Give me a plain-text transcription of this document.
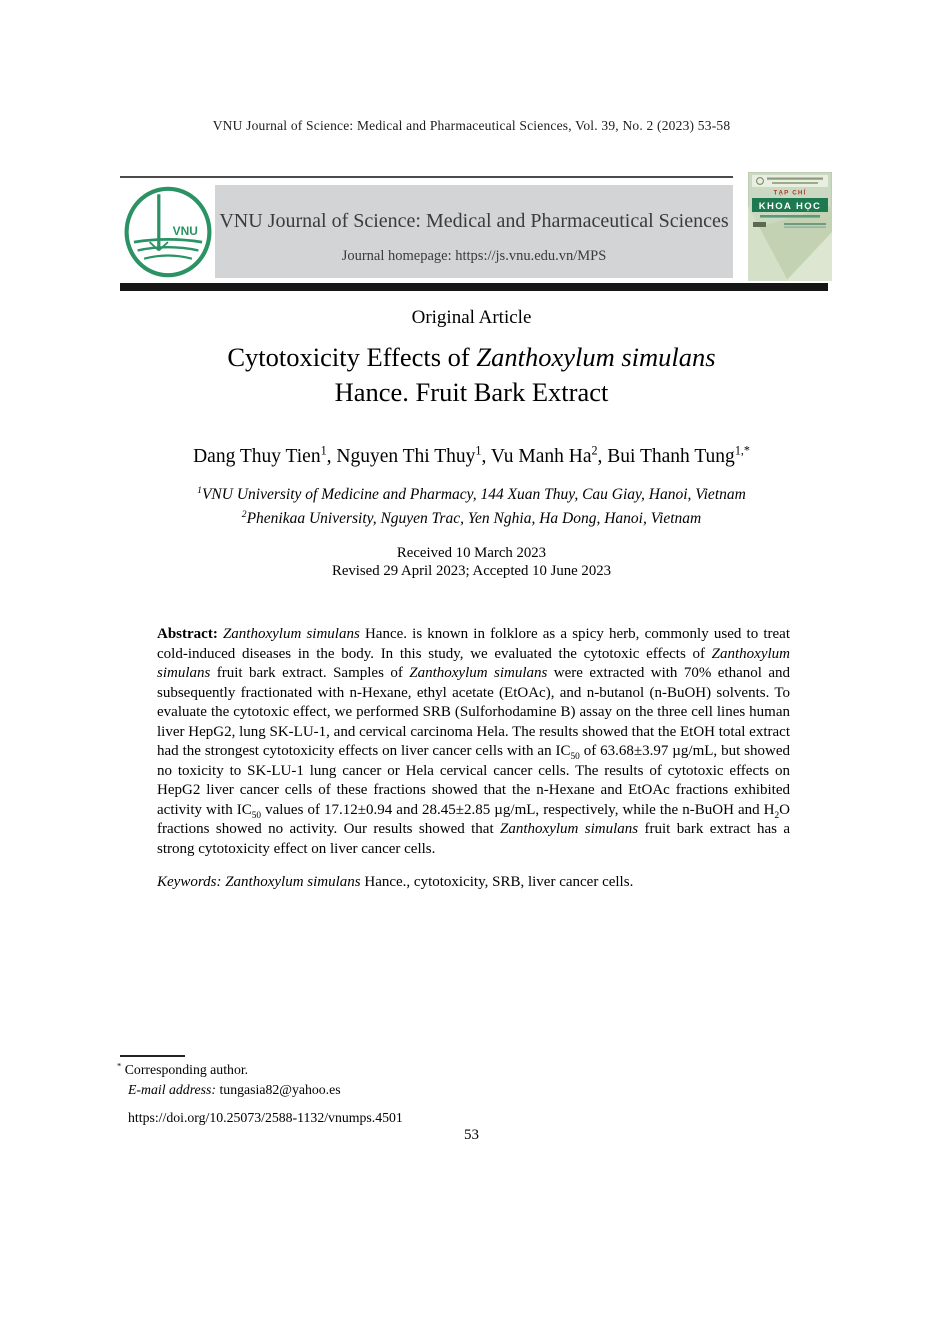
VNU Journal of Science: Medical and Pharmaceutical Sciences, Vol. 39, No. 2 (2023) 53-58
VNU VNU Journal of Science: Medical and Pharmaceutical Sciences
Journal homepage: https://js.vnu.edu.vn/MPS
TẠP CHÍ
KHOA HỌC
Original Article
Cytotoxicity Effects of Zanthoxylum simulans
Hance. Fruit Bark Extract
Dang Thuy Tien$^1$, Nguyen Thi Thuy$^1$, Vu Manh Ha$^2$, Bui Thanh Tung$^{1,*}$
$^1$VNU University of Medicine and Pharmacy, 144 Xuan Thuy, Cau Giay, Hanoi, Vietnam
$^2$Phenikaa University, Nguyen Trac, Yen Nghia, Ha Dong, Hanoi, Vietnam
Received 10 March 2023
Revised 29 April 2023; Accepted 10 June 2023
Abstract: Zanthoxylum simulans Hance. is known in folklore as a spicy herb, commonly used to treat cold-induced diseases in the body. In this study, we evaluated the cytotoxic effects of Zanthoxylum simulans fruit bark extract. Samples of Zanthoxylum simulans were extracted with 70% ethanol and subsequently fractionated with n-Hexane, ethyl acetate (EtOAc), and n-butanol (n-BuOH) solvents. To evaluate the cytotoxic effect, we performed SRB (Sulforhodamine B) assay on the three cell lines human liver HepG2, lung SK-LU-1, and cervical carcinoma Hela. The results showed that the EtOH total extract had the strongest cytotoxicity effects on liver cancer cells with an $IC_{50}$ of 63.68±3.97 µg/mL, but showed no toxicity to SK-LU-1 lung cancer or Hela cervical cancer cells. The results of cytotoxic effects on HepG2 liver cancer cells of these fractions showed that the n-Hexane and EtOAc fractions exhibited activity with $IC_{50}$ values of 17.12±0.94 and 28.45±2.85 µg/mL, respectively, while the n-BuOH and $H_2O$ fractions showed no activity. Our results showed that Zanthoxylum simulans fruit bark extract has a strong cytotoxicity effect on liver cancer cells.
Keywords: Zanthoxylum simulans Hance., cytotoxicity, SRB, liver cancer cells.
* Corresponding author.
E-mail address: tungasia82@yahoo.es
https://doi.org/10.25073/2588-1132/vnumps.4501
53
